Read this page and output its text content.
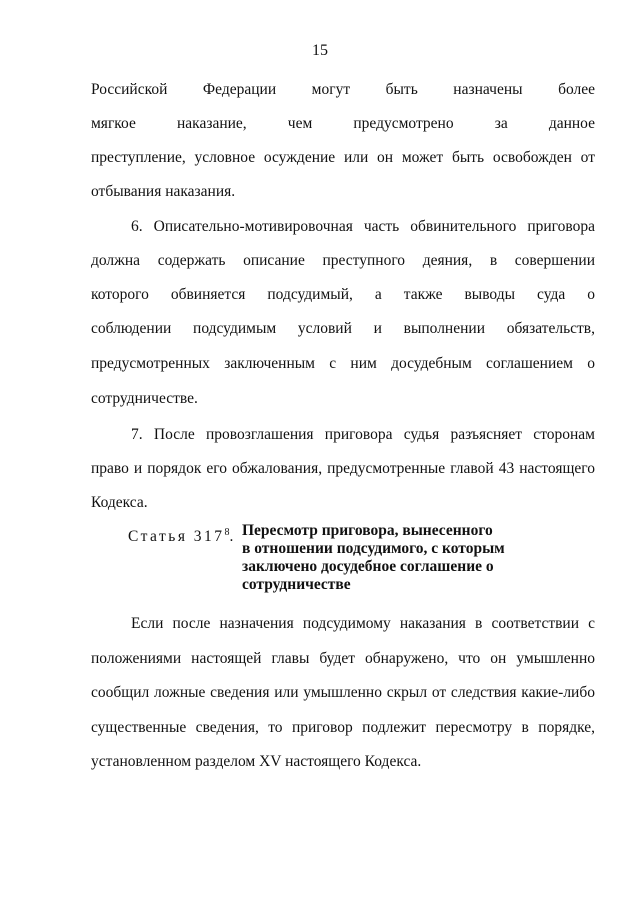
15
Российской Федерации могут быть назначены более
мягкое наказание, чем предусмотрено за данное
преступление, условное осуждение или он может быть освобожден от
отбывания наказания.
6. Описательно-мотивировочная часть обвинительного приговора
должна содержать описание преступного деяния, в совершении
которого обвиняется подсудимый, а также выводы суда о
соблюдении подсудимым условий и выполнении обязательств,
предусмотренных заключенным с ним досудебным соглашением о
сотрудничестве.
7. После провозглашения приговора судья разъясняет сторонам
право и порядок его обжалования, предусмотренные главой 43 настоящего
Кодекса.
Статья $317^8$. Пересмотр приговора, вынесенного
в отношении подсудимого, с которым
заключено досудебное соглашение о
сотрудничестве
Если после назначения подсудимому наказания в соответствии с
положениями настоящей главы будет обнаружено, что он умышленно
сообщил ложные сведения или умышленно скрыл от следствия какие-либо
существенные сведения, то приговор подлежит пересмотру в порядке,
установленном разделом XV настоящего Кодекса.
